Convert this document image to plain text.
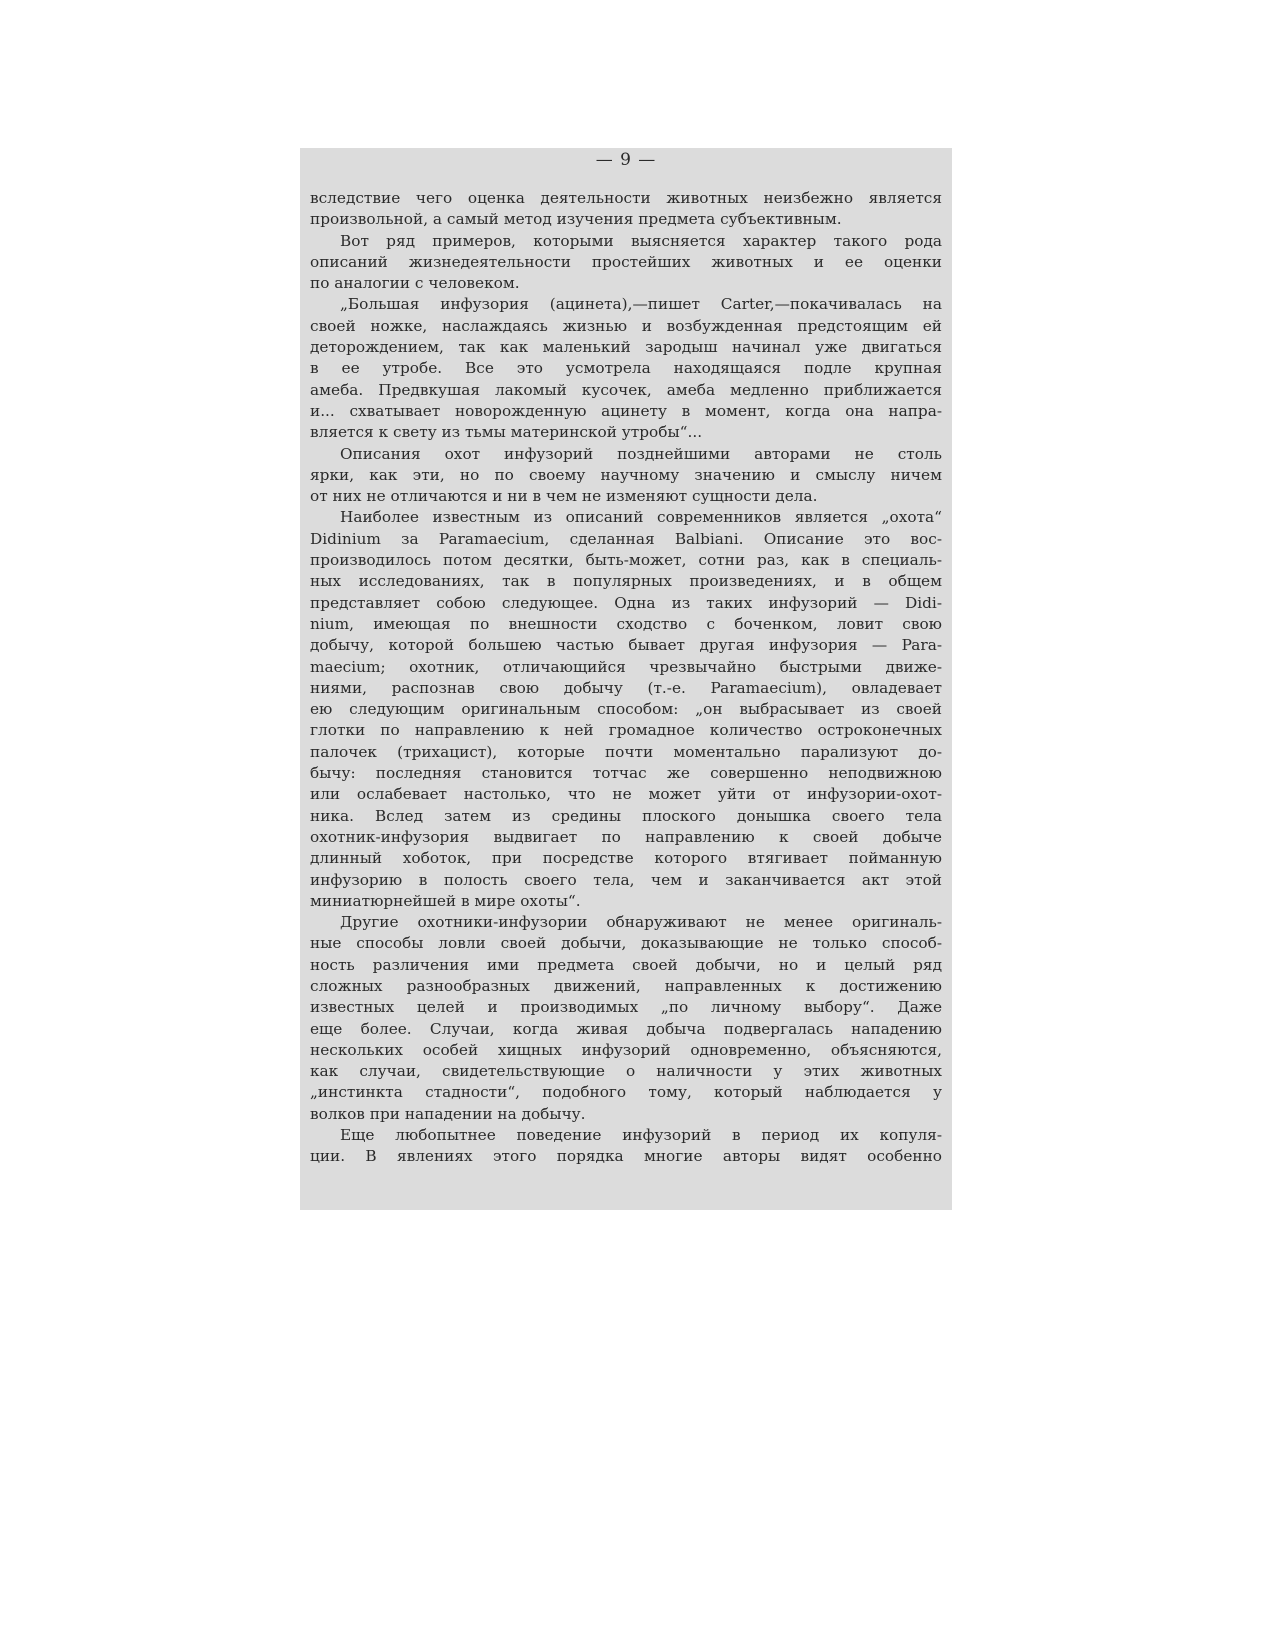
— 9 —
вследствие чего оценка деятельности животных неизбежно является
произвольной, а самый метод изучения предмета субъективным.
Вот ряд примеров, которыми выясняется характер такого рода
описаний жизнедеятельности простейших животных и ее оценки
по аналогии с человеком.
„Большая инфузория (ацинета),—пишет Carter,—покачивалась на
своей ножке, наслаждаясь жизнью и возбужденная предстоящим ей
деторождением, так как маленький зародыш начинал уже двигаться
в ее утробе. Все это усмотрела находящаяся подле крупная
амеба. Предвкушая лакомый кусочек, амеба медленно приближается
и... схватывает новорожденную ацинету в момент, когда она напра-
вляется к свету из тьмы материнской утробы“...
Описания охот инфузорий позднейшими авторами не столь
ярки, как эти, но по своему научному значению и смыслу ничем
от них не отличаются и ни в чем не изменяют сущности дела.
Наиболее известным из описаний современников является „охота“
Didinium за Paramaecium, сделанная Balbiani. Описание это вос-
производилось потом десятки, быть-может, сотни раз, как в специаль-
ных исследованиях, так в популярных произведениях, и в общем
представляет собою следующее. Одна из таких инфузорий — Didi-
nium, имеющая по внешности сходство с боченком, ловит свою
добычу, которой большею частью бывает другая инфузория — Para-
maecium; охотник, отличающийся чрезвычайно быстрыми движе-
ниями, распознав свою добычу (т.-е. Paramaecium), овладевает
ею следующим оригинальным способом: „он выбрасывает из своей
глотки по направлению к ней громадное количество остроконечных
палочек (трихацист), которые почти моментально парализуют до-
бычу: последняя становится тотчас же совершенно неподвижною
или ослабевает настолько, что не может уйти от инфузории-охот-
ника. Вслед затем из средины плоского донышка своего тела
охотник-инфузория выдвигает по направлению к своей добыче
длинный хоботок, при посредстве которого втягивает пойманную
инфузорию в полость своего тела, чем и заканчивается акт этой
миниатюрнейшей в мире охоты“.
Другие охотники-инфузории обнаруживают не менее оригиналь-
ные способы ловли своей добычи, доказывающие не только способ-
ность различения ими предмета своей добычи, но и целый ряд
сложных разнообразных движений, направленных к достижению
известных целей и производимых „по личному выбору“. Даже
еще более. Случаи, когда живая добыча подвергалась нападению
нескольких особей хищных инфузорий одновременно, объясняются,
как случаи, свидетельствующие о наличности у этих животных
„инстинкта стадности“, подобного тому, который наблюдается у
волков при нападении на добычу.
Еще любопытнее поведение инфузорий в период их копуля-
ции. В явлениях этого порядка многие авторы видят особенно
